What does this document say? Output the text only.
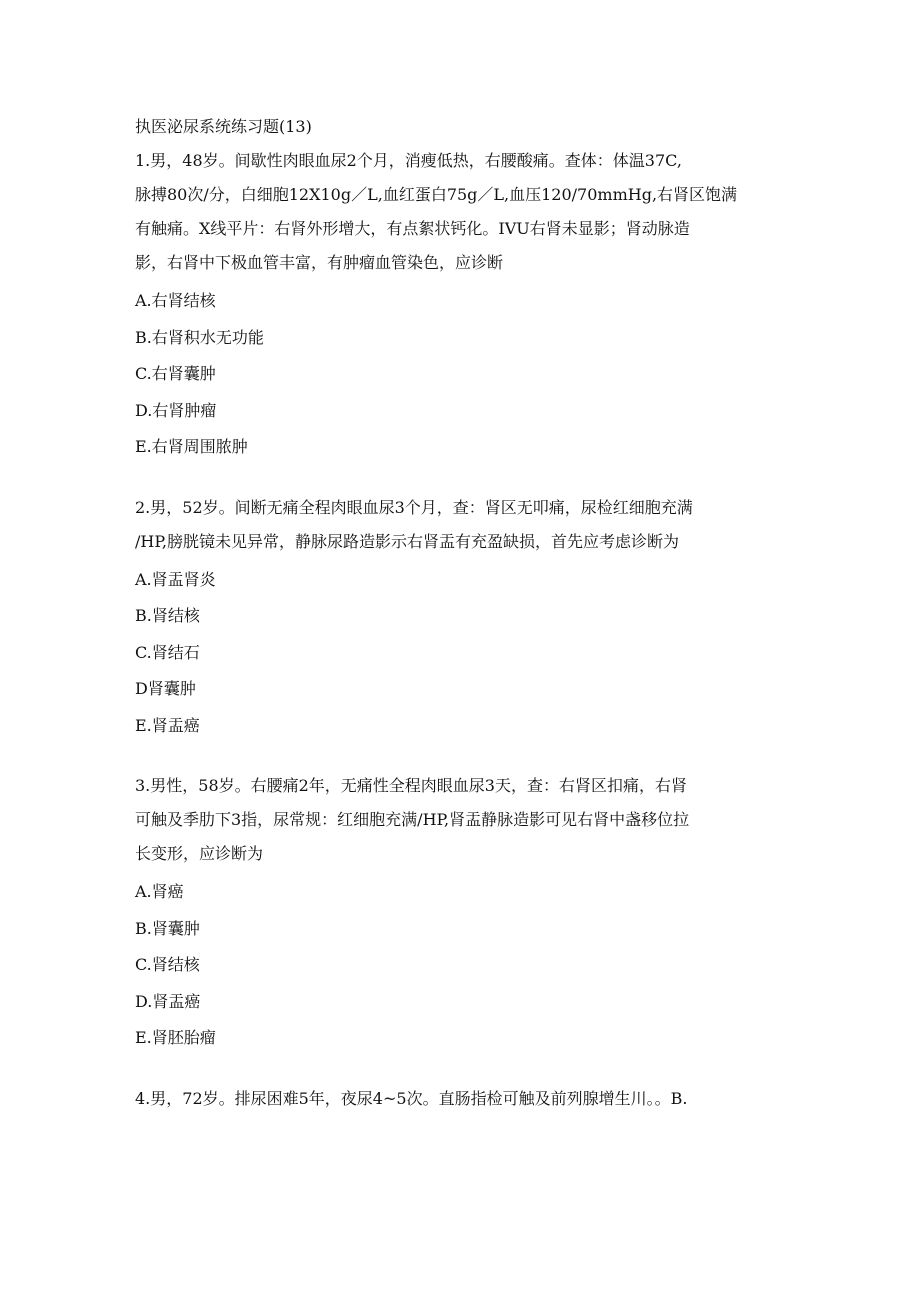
执医泌尿系统练习题(13)

1.男，48岁。间歇性肉眼血尿2个月，消瘦低热，右腰酸痛。查体：体温37C,
脉搏80次/分，白细胞12X10g／L,血红蛋白75g／L,血压120/70mmHg,右肾区饱满
有触痛。X线平片：右肾外形增大，有点絮状钙化。IVU右肾未显影；肾动脉造
影，右肾中下极血管丰富，有肿瘤血管染色，应诊断

A.右肾结核
B.右肾积水无功能
C.右肾囊肿
D.右肾肿瘤
E.右肾周围脓肿

2.男，52岁。间断无痛全程肉眼血尿3个月，查：肾区无叩痛，尿检红细胞充满
/HP,膀胱镜未见异常，静脉尿路造影示右肾盂有充盈缺损，首先应考虑诊断为

A.肾盂肾炎
B.肾结核
C.肾结石
D肾囊肿
E.肾盂癌

3.男性，58岁。右腰痛2年，无痛性全程肉眼血尿3天，查：右肾区扣痛，右肾
可触及季肋下3指，尿常规：红细胞充满/HP,肾盂静脉造影可见右肾中盏移位拉
长变形，应诊断为

A.肾癌
B.肾囊肿
C.肾结核
D.肾盂癌
E.肾胚胎瘤

4.男，72岁。排尿困难5年，夜尿4~5次。直肠指检可触及前列腺增生川。。B.
